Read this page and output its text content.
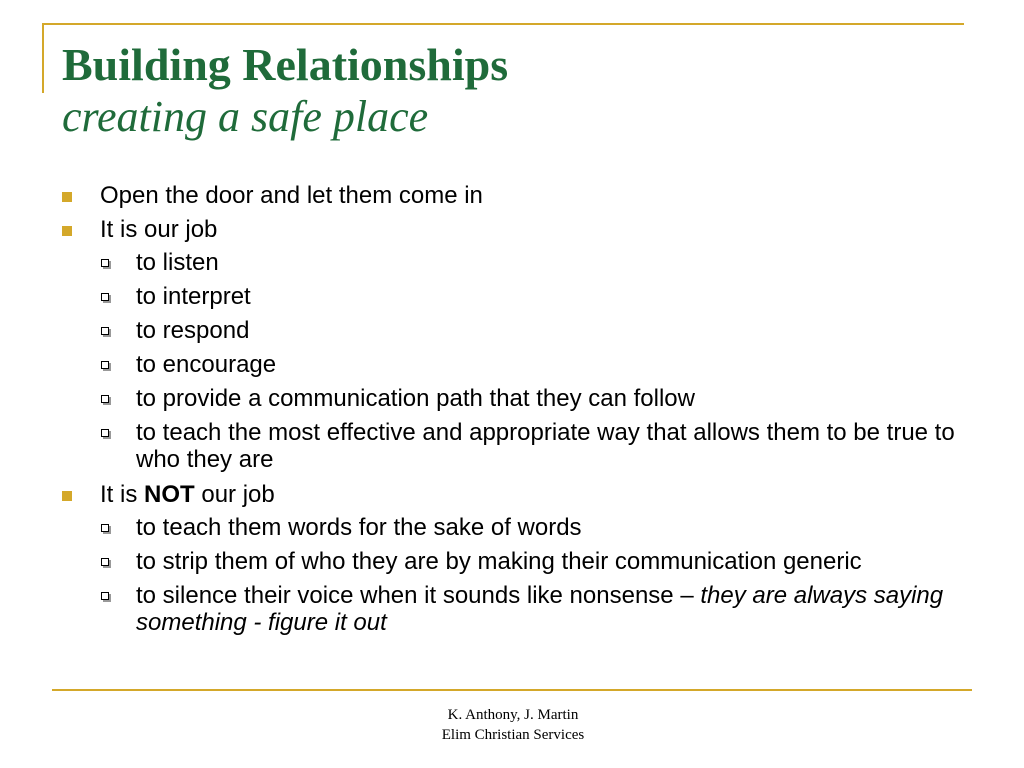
Building Relationships
creating a safe place
Open the door and let them come in
It is our job
to listen
to interpret
to respond
to encourage
to provide a communication path that they can follow
to teach the most effective and appropriate way that allows them to be true to who they are
It is NOT our job
to teach them words for the sake of words
to strip them of who they are by making their communication generic
to silence their voice when it sounds like nonsense – they are always saying something - figure it out
K. Anthony, J. Martin
Elim Christian Services
